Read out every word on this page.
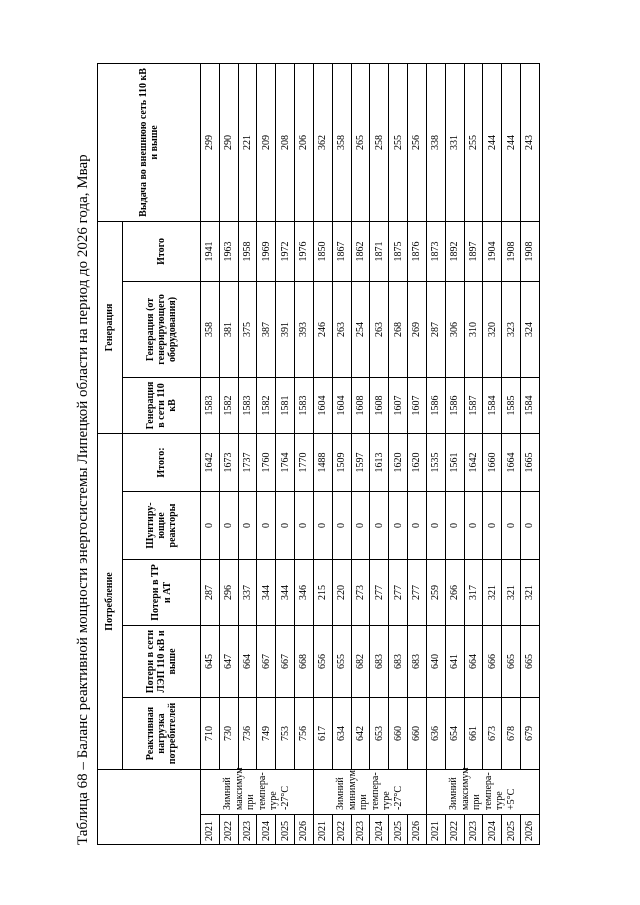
Таблица 68 – Баланс реактивной мощности энергосистемы Липецкой области на период до 2026 года, Мвар
		Потребление					Генерация			Выдача во внешнюю сеть 110 кВ и выше
		Реактивная нагрузка потребителей	Потери в сети ЛЭП 110 кВ и выше	Потери в ТР и АТ	Шунтиру-ющие реакторы	Итого:	Генерация в сети 110 кВ	Генерация (от генерирующего оборудования)	Итого	
2021	Зимний максимум при темпера-туре -27°С	710	645	287	0	1642	1583	358	1941	299
2022		730	647	296	0	1673	1582	381	1963	290
2023		736	664	337	0	1737	1583	375	1958	221
2024		749	667	344	0	1760	1582	387	1969	209
2025		753	667	344	0	1764	1581	391	1972	208
2026		756	668	346	0	1770	1583	393	1976	206
2021	Зимний минимум при темпера-туре -27°С	617	656	215	0	1488	1604	246	1850	362
2022		634	655	220	0	1509	1604	263	1867	358
2023		642	682	273	0	1597	1608	254	1862	265
2024		653	683	277	0	1613	1608	263	1871	258
2025		660	683	277	0	1620	1607	268	1875	255
2026		660	683	277	0	1620	1607	269	1876	256
2021	Зимний максимум при темпера-туре +5°С	636	640	259	0	1535	1586	287	1873	338
2022		654	641	266	0	1561	1586	306	1892	331
2023		661	664	317	0	1642	1587	310	1897	255
2024		673	666	321	0	1660	1584	320	1904	244
2025		678	665	321	0	1664	1585	323	1908	244
2026		679	665	321	0	1665	1584	324	1908	243
